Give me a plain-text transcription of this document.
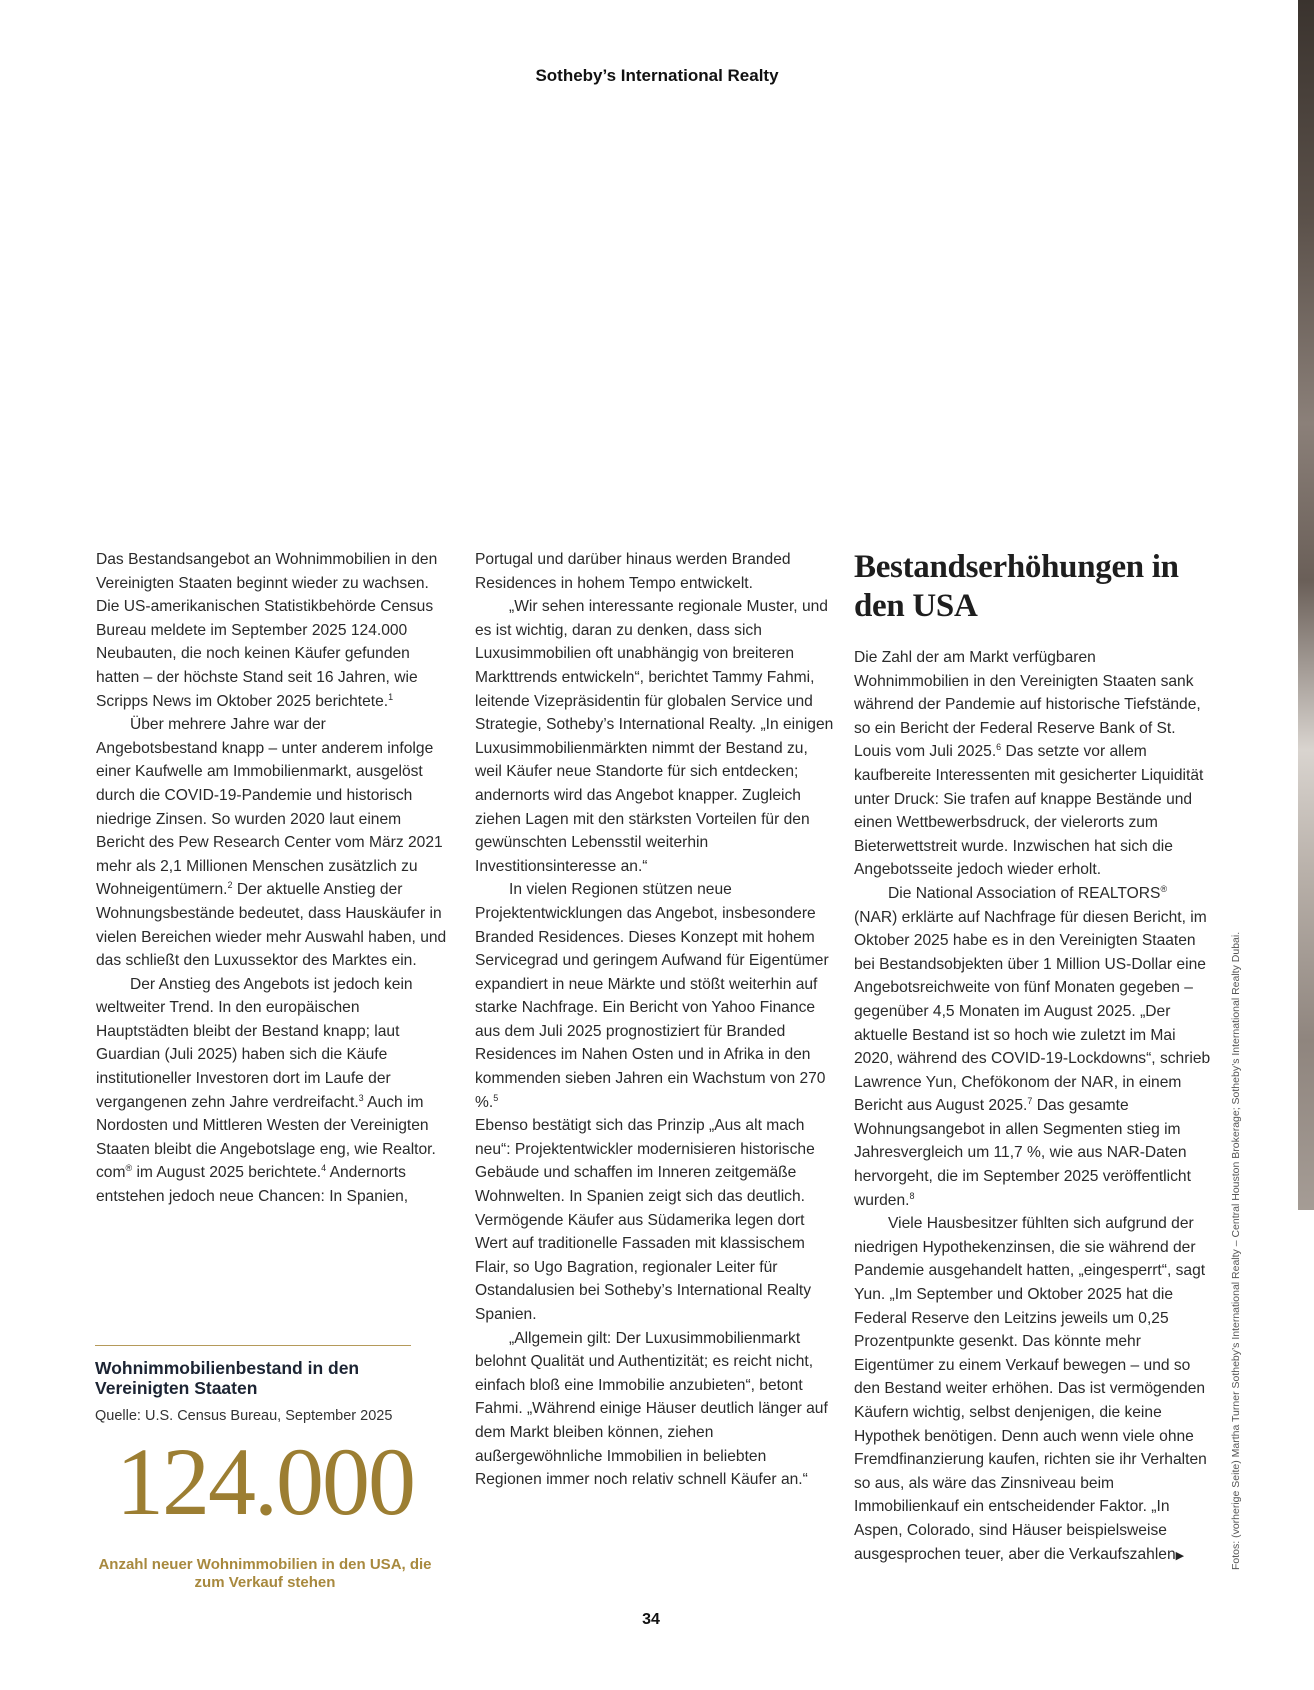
Sotheby’s International Realty

Das Bestandsangebot an Wohnimmobilien in den Vereinigten Staaten beginnt wieder zu wachsen. Die US-amerikanischen Statistikbehörde Census Bureau meldete im September 2025 124.000 Neubauten, die noch keinen Käufer gefunden hatten – der höchste Stand seit 16 Jahren, wie Scripps News im Oktober 2025 berichtete.$^1$

Über mehrere Jahre war der Angebotsbestand knapp – unter anderem infolge einer Kaufwelle am Immobilienmarkt, ausgelöst durch die COVID-19-Pandemie und historisch niedrige Zinsen. So wurden 2020 laut einem Bericht des Pew Research Center vom März 2021 mehr als 2,1 Millionen Menschen zusätzlich zu Wohneigentümern.$^2$ Der aktuelle Anstieg der Wohnungsbestände bedeutet, dass Hauskäufer in vielen Bereichen wieder mehr Auswahl haben, und das schließt den Luxussektor des Marktes ein.

Der Anstieg des Angebots ist jedoch kein weltweiter Trend. In den europäischen Hauptstädten bleibt der Bestand knapp; laut Guardian (Juli 2025) haben sich die Käufe institutioneller Investoren dort im Laufe der vergangenen zehn Jahre verdreifacht.$^3$ Auch im Nordosten und Mittleren Westen der Vereinigten Staaten bleibt die Angebotslage eng, wie Realtor. com® im August 2025 berichtete.$^4$ Andernorts entstehen jedoch neue Chancen: In Spanien,

Wohnimmobilienbestand in den Vereinigten Staaten
Quelle: U.S. Census Bureau, September 2025
124.000
Anzahl neuer Wohnimmobilien in den USA, die zum Verkauf stehen

Portugal und darüber hinaus werden Branded Residences in hohem Tempo entwickelt.

„Wir sehen interessante regionale Muster, und es ist wichtig, daran zu denken, dass sich Luxusimmobilien oft unabhängig von breiteren Markttrends entwickeln“, berichtet Tammy Fahmi, leitende Vizepräsidentin für globalen Service und Strategie, Sotheby’s International Realty. „In einigen Luxusimmobilienmärkten nimmt der Bestand zu, weil Käufer neue Standorte für sich entdecken; andernorts wird das Angebot knapper. Zugleich ziehen Lagen mit den stärksten Vorteilen für den gewünschten Lebensstil weiterhin Investitionsinteresse an.“

In vielen Regionen stützen neue Projektentwicklungen das Angebot, insbesondere Branded Residences. Dieses Konzept mit hohem Servicegrad und geringem Aufwand für Eigentümer expandiert in neue Märkte und stößt weiterhin auf starke Nachfrage. Ein Bericht von Yahoo Finance aus dem Juli 2025 prognostiziert für Branded Residences im Nahen Osten und in Afrika in den kommenden sieben Jahren ein Wachstum von 270 %.$^5$

Ebenso bestätigt sich das Prinzip „Aus alt mach neu“: Projektentwickler modernisieren historische Gebäude und schaffen im Inneren zeitgemäße Wohnwelten. In Spanien zeigt sich das deutlich. Vermögende Käufer aus Südamerika legen dort Wert auf traditionelle Fassaden mit klassischem Flair, so Ugo Bagration, regionaler Leiter für Ostandalusien bei Sotheby’s International Realty Spanien.

„Allgemein gilt: Der Luxusimmobilienmarkt belohnt Qualität und Authentizität; es reicht nicht, einfach bloß eine Immobilie anzubieten“, betont Fahmi. „Während einige Häuser deutlich länger auf dem Markt bleiben können, ziehen außergewöhnliche Immobilien in beliebten Regionen immer noch relativ schnell Käufer an.“

Bestandserhöhungen in den USA

Die Zahl der am Markt verfügbaren Wohnimmobilien in den Vereinigten Staaten sank während der Pandemie auf historische Tiefstände, so ein Bericht der Federal Reserve Bank of St. Louis vom Juli 2025.$^6$ Das setzte vor allem kaufbereite Interessenten mit gesicherter Liquidität unter Druck: Sie trafen auf knappe Bestände und einen Wettbewerbsdruck, der vielerorts zum Bieterwettstreit wurde. Inzwischen hat sich die Angebotsseite jedoch wieder erholt.

Die National Association of REALTORS® (NAR) erklärte auf Nachfrage für diesen Bericht, im Oktober 2025 habe es in den Vereinigten Staaten bei Bestandsobjekten über 1 Million US-Dollar eine Angebotsreichweite von fünf Monaten gegeben – gegenüber 4,5 Monaten im August 2025. „Der aktuelle Bestand ist so hoch wie zuletzt im Mai 2020, während des COVID-19-Lockdowns“, schrieb Lawrence Yun, Chefökonom der NAR, in einem Bericht aus August 2025.$^7$ Das gesamte Wohnungsangebot in allen Segmenten stieg im Jahresvergleich um 11,7 %, wie aus NAR-Daten hervorgeht, die im September 2025 veröffentlicht wurden.$^8$

Viele Hausbesitzer fühlten sich aufgrund der niedrigen Hypothekenzinsen, die sie während der Pandemie ausgehandelt hatten, „eingesperrt“, sagt Yun. „Im September und Oktober 2025 hat die Federal Reserve den Leitzins jeweils um 0,25 Prozentpunkte gesenkt. Das könnte mehr Eigentümer zu einem Verkauf bewegen – und so den Bestand weiter erhöhen. Das ist vermögenden Käufern wichtig, selbst denjenigen, die keine Hypothek benötigen. Denn auch wenn viele ohne Fremdfinanzierung kaufen, richten sie ihr Verhalten so aus, als wäre das Zinsniveau beim Immobilienkauf ein entscheidender Faktor. „In Aspen, Colorado, sind Häuser beispielsweise ausgesprochen teuer, aber die Verkaufszahlen▶	Fotos: (vorherige Seite) Martha Turner Sotheby’s International Realty – Central Houston Brokerage; Sotheby’s International Realty Dubai.
34
